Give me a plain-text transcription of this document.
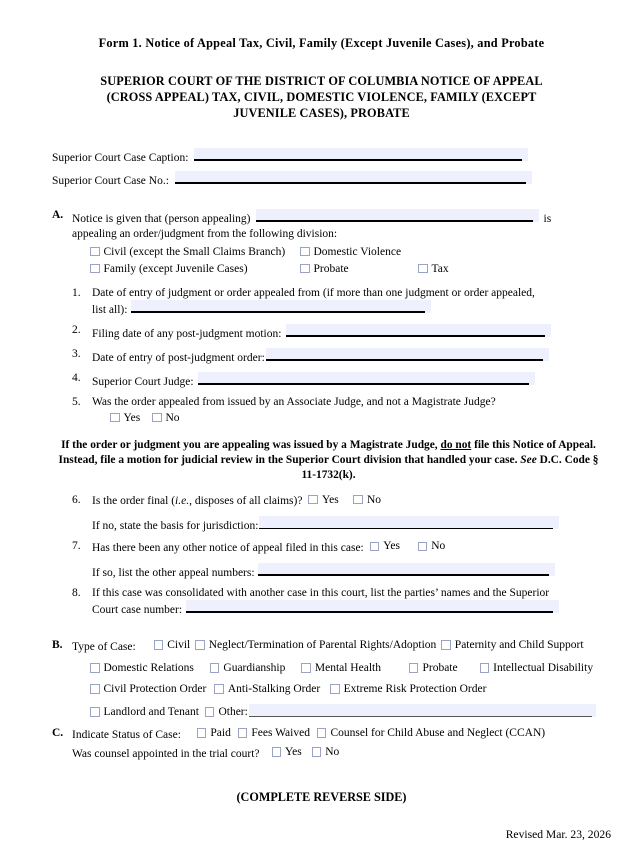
Form 1. Notice of Appeal Tax, Civil, Family (Except Juvenile Cases), and Probate
SUPERIOR COURT OF THE DISTRICT OF COLUMBIA NOTICE OF APPEAL (CROSS APPEAL) TAX, CIVIL, DOMESTIC VIOLENCE, FAMILY (EXCEPT JUVENILE CASES), PROBATE
Superior Court Case Caption:
Superior Court Case No.:
A. Notice is given that (person appealing)	is
appealing an order/judgment from the following division:
Civil (except the Small Claims Branch) Domestic Violence
Family (except Juvenile Cases)	Probate	Tax
1. Date of entry of judgment or order appealed from (if more than one judgment or order appealed,
list all):
2. Filing date of any post-judgment motion:
3. Date of entry of post-judgment order:
4. Superior Court Judge:
5. Was the order appealed from issued by an Associate Judge, and not a Magistrate Judge?
Yes No
If the order or judgment you are appealing was issued by a Magistrate Judge, do not file this Notice of Appeal. Instead, file a motion for judicial review in the Superior Court division that handled your case. See D.C. Code § 11-1732(k).
6. Is the order final ( i.e. , disposes of all claims)? Yes No
If no, state the basis for jurisdiction:
7. Has there been any other notice of appeal filed in this case: Yes	No
If so, list the other appeal numbers:
8. If this case was consolidated with another case in this court, list the parties’ names and the Superior
Court case number:
B. Type of Case:	Civil Neglect/Termination of Parental Rights/Adoption Paternity and Child Support
Domestic Relations	Guardianship	Mental Health	Probate	Intellectual Disability
Civil Protection Order Anti-Stalking Order Extreme Risk Protection Order
Landlord and Tenant Other:
C. Indicate Status of Case:	Paid Fees Waived Counsel for Child Abuse and Neglect (CCAN)
Was counsel appointed in the trial court? Yes No
(COMPLETE REVERSE SIDE)
Revised Mar. 23, 2026
